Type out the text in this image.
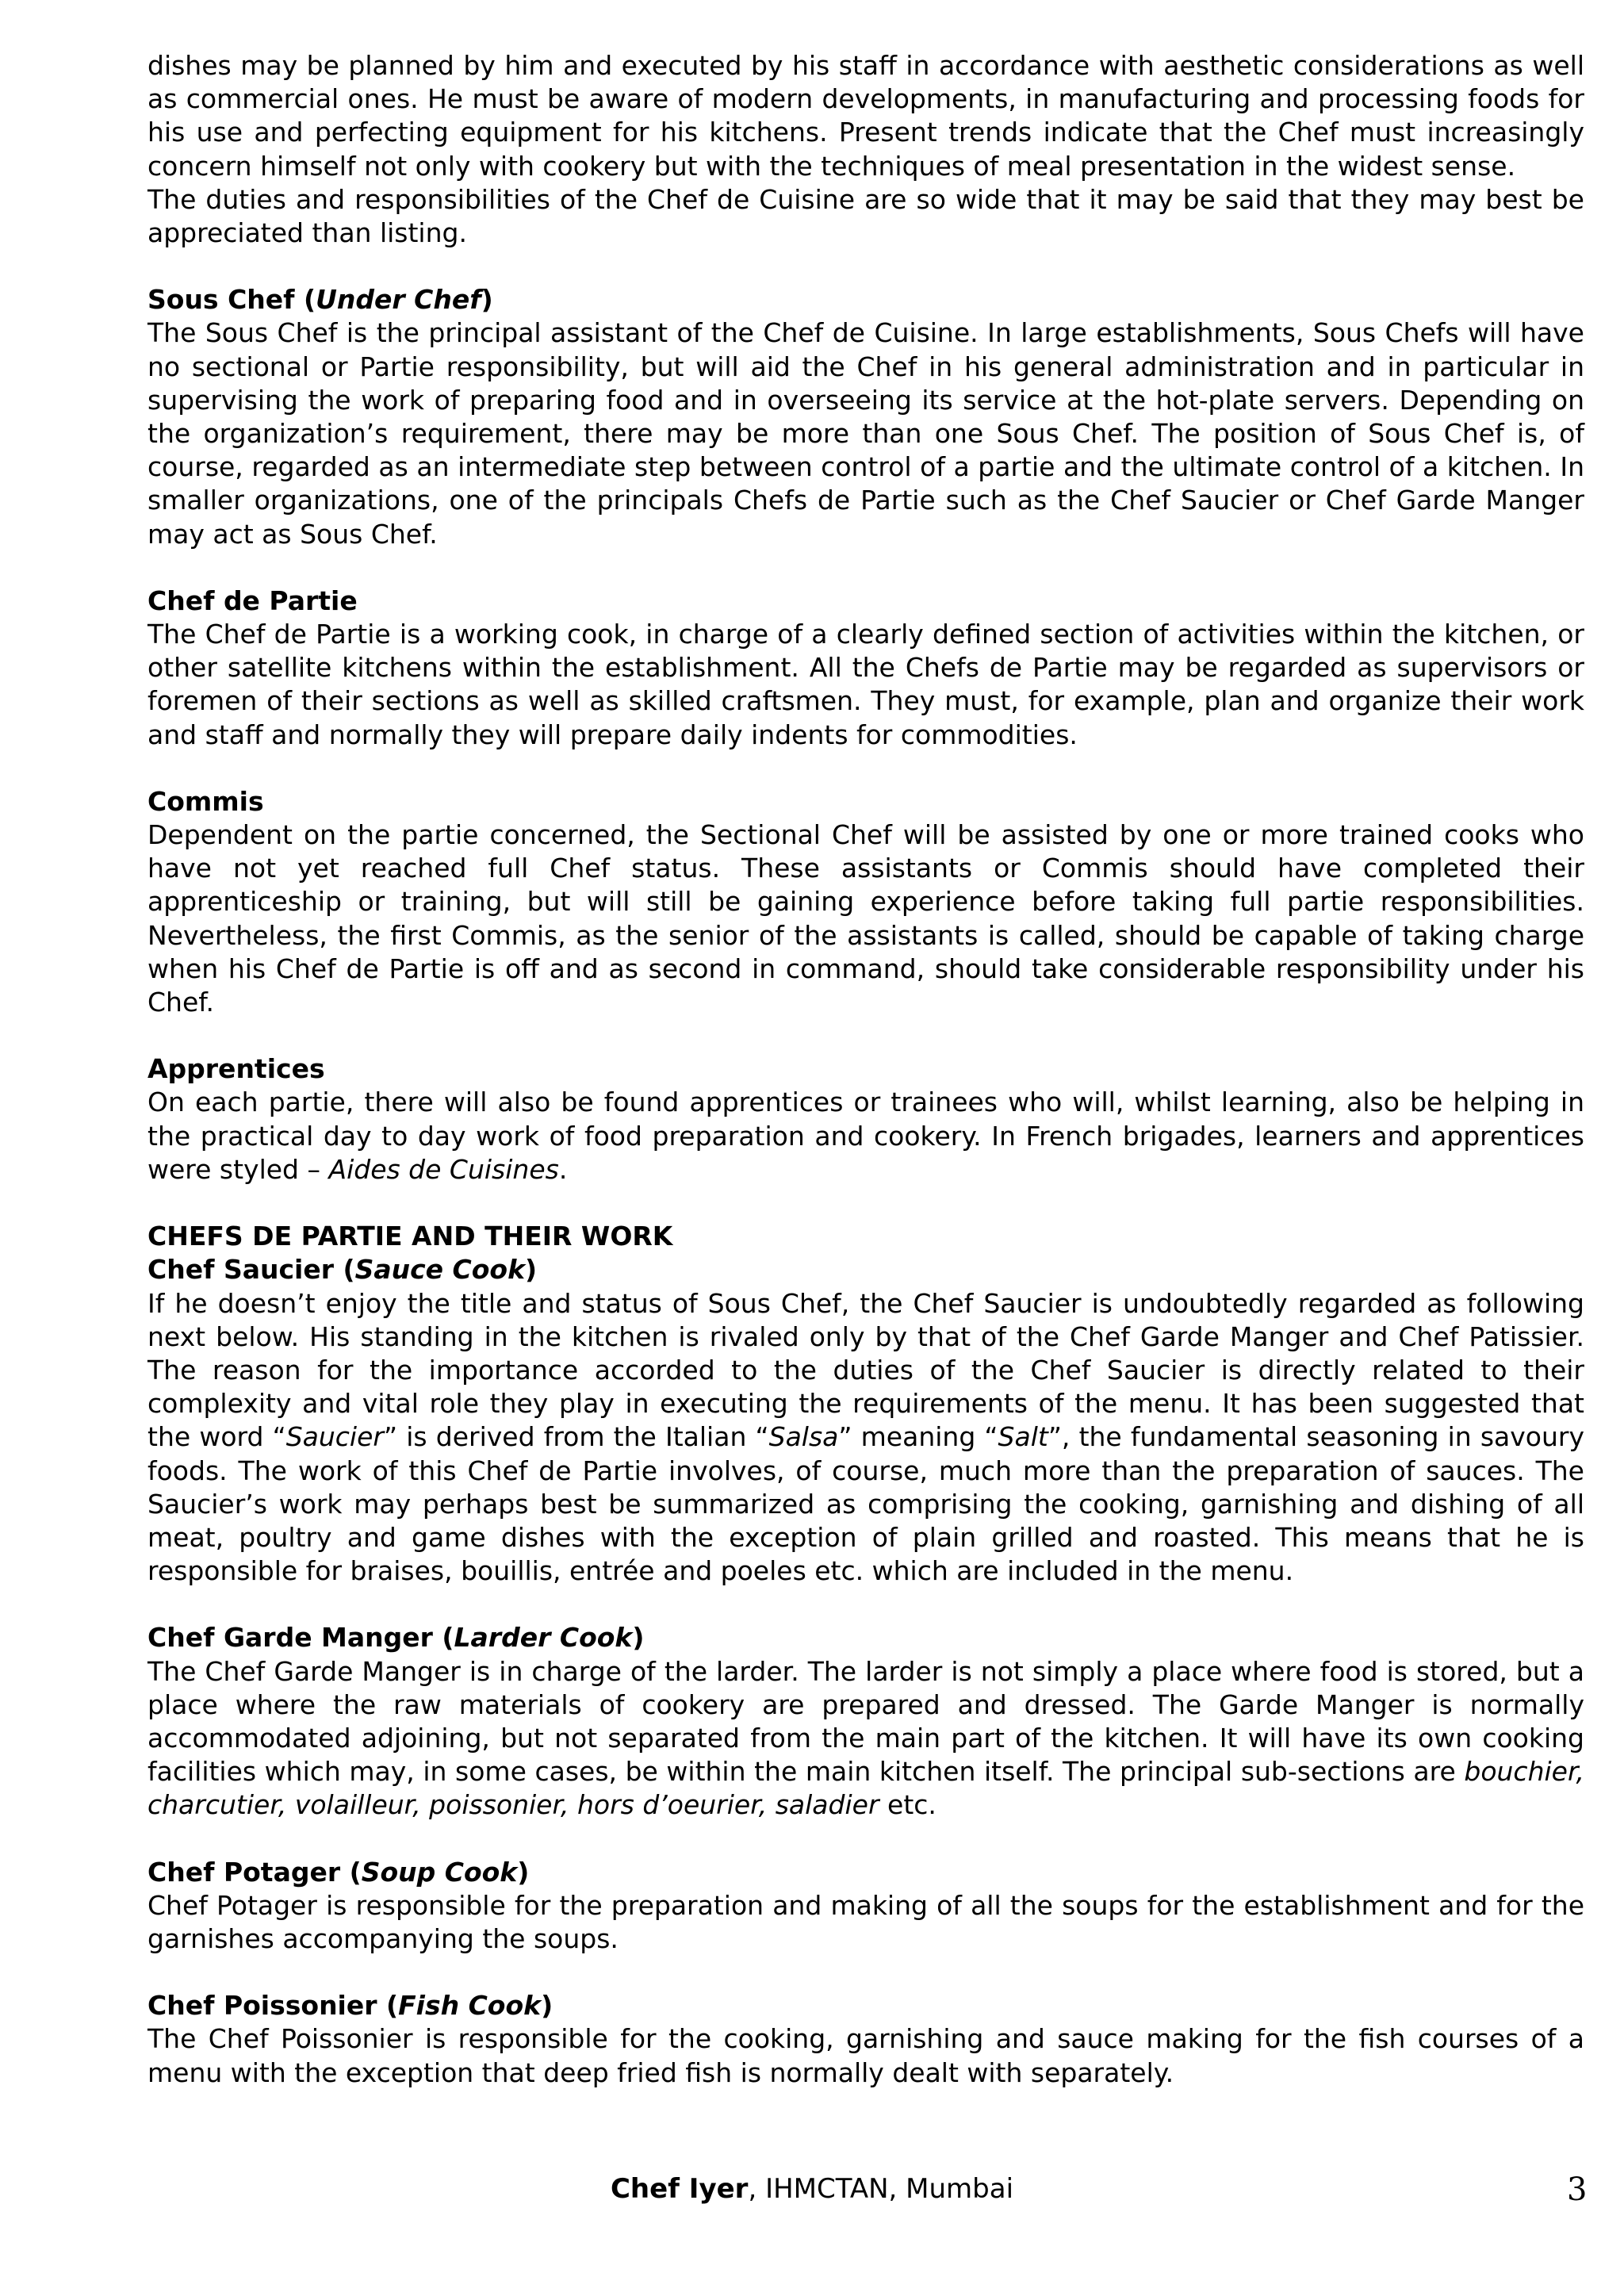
dishes may be planned by him and executed by his staff in accordance with aesthetic considerations as well as commercial ones. He must be aware of modern developments, in manufacturing and processing foods for his use and perfecting equipment for his kitchens. Present trends indicate that the Chef must increasingly concern himself not only with cookery but with the techniques of meal presentation in the widest sense.

The duties and responsibilities of the Chef de Cuisine are so wide that it may be said that they may best be appreciated than listing.

Sous Chef (Under Chef)

The Sous Chef is the principal assistant of the Chef de Cuisine. In large establishments, Sous Chefs will have no sectional or Partie responsibility, but will aid the Chef in his general administration and in particular in supervising the work of preparing food and in overseeing its service at the hot-plate servers. Depending on the organization’s requirement, there may be more than one Sous Chef. The position of Sous Chef is, of course, regarded as an intermediate step between control of a partie and the ultimate control of a kitchen. In smaller organizations, one of the principals Chefs de Partie such as the Chef Saucier or Chef Garde Manger may act as Sous Chef.

Chef de Partie

The Chef de Partie is a working cook, in charge of a clearly defined section of activities within the kitchen, or other satellite kitchens within the establishment. All the Chefs de Partie may be regarded as supervisors or foremen of their sections as well as skilled craftsmen. They must, for example, plan and organize their work and staff and normally they will prepare daily indents for commodities.

Commis

Dependent on the partie concerned, the Sectional Chef will be assisted by one or more trained cooks who have not yet reached full Chef status. These assistants or Commis should have completed their apprenticeship or training, but will still be gaining experience before taking full partie responsibilities. Nevertheless, the first Commis, as the senior of the assistants is called, should be capable of taking charge when his Chef de Partie is off and as second in command, should take considerable responsibility under his Chef.

Apprentices

On each partie, there will also be found apprentices or trainees who will, whilst learning, also be helping in the practical day to day work of food preparation and cookery. In French brigades, learners and apprentices were styled – Aides de Cuisines.

CHEFS DE PARTIE AND THEIR WORK

Chef Saucier (Sauce Cook)

If he doesn’t enjoy the title and status of Sous Chef, the Chef Saucier is undoubtedly regarded as following next below. His standing in the kitchen is rivaled only by that of the Chef Garde Manger and Chef Patissier. The reason for the importance accorded to the duties of the Chef Saucier is directly related to their complexity and vital role they play in executing the requirements of the menu. It has been suggested that the word “Saucier” is derived from the Italian “Salsa” meaning “Salt”, the fundamental seasoning in savoury foods. The work of this Chef de Partie involves, of course, much more than the preparation of sauces. The Saucier’s work may perhaps best be summarized as comprising the cooking, garnishing and dishing of all meat, poultry and game dishes with the exception of plain grilled and roasted. This means that he is responsible for braises, bouillis, entrée and poeles etc. which are included in the menu.

Chef Garde Manger (Larder Cook)

The Chef Garde Manger is in charge of the larder. The larder is not simply a place where food is stored, but a place where the raw materials of cookery are prepared and dressed. The Garde Manger is normally accommodated adjoining, but not separated from the main part of the kitchen. It will have its own cooking facilities which may, in some cases, be within the main kitchen itself. The principal sub-sections are bouchier, charcutier, volailleur, poissonier, hors d’oeurier, saladier etc.

Chef Potager (Soup Cook)

Chef Potager is responsible for the preparation and making of all the soups for the establishment and for the garnishes accompanying the soups.

Chef Poissonier (Fish Cook)

The Chef Poissonier is responsible for the cooking, garnishing and sauce making for the fish courses of a menu with the exception that deep fried fish is normally dealt with separately.

Chef Iyer, IHMCTAN, Mumbai	3
